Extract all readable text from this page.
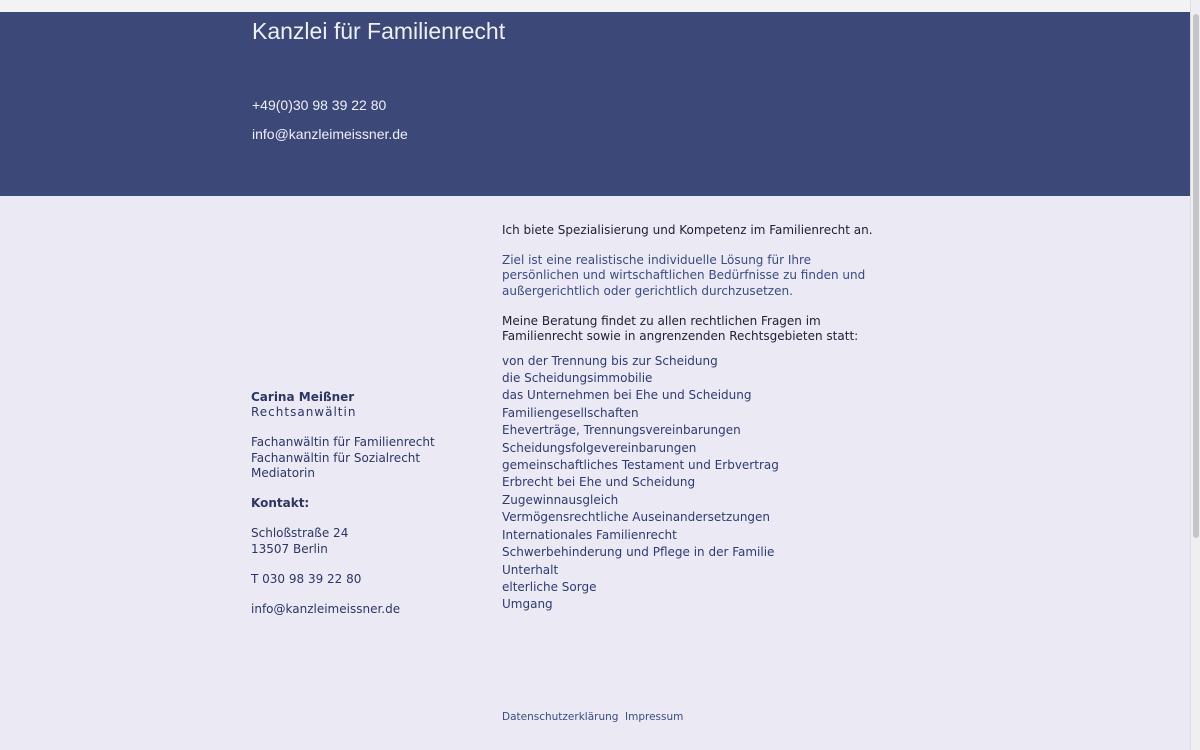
Kanzlei für Familienrecht
+49(0)30 98 39 22 80
info@kanzleimeissner.de
Carina Meißner
Rechtsanwältin
Fachanwältin für Familienrecht
Fachanwältin für Sozialrecht
Mediatorin
Kontakt:
Schloßstraße 24
13507 Berlin
T 030 98 39 22 80
info@kanzleimeissner.de

Ich biete Spezialisierung und Kompetenz im Familienrecht an.

Ziel ist eine realistische individuelle Lösung für Ihre persönlichen und wirtschaftlichen Bedürfnisse zu finden und außergerichtlich oder gerichtlich durchzusetzen.

Meine Beratung findet zu allen rechtlichen Fragen im Familienrecht sowie in angrenzenden Rechtsgebieten statt:

von der Trennung bis zur Scheidung
die Scheidungsimmobilie
das Unternehmen bei Ehe und Scheidung
Familiengesellschaften
Eheverträge, Trennungsvereinbarungen
Scheidungsfolgevereinbarungen
gemeinschaftliches Testament und Erbvertrag
Erbrecht bei Ehe und Scheidung
Zugewinnausgleich
Vermögensrechtliche Auseinandersetzungen
Internationales Familienrecht
Schwerbehinderung und Pflege in der Familie
Unterhalt
elterliche Sorge
Umgang
Datenschutzerklärung Impressum
